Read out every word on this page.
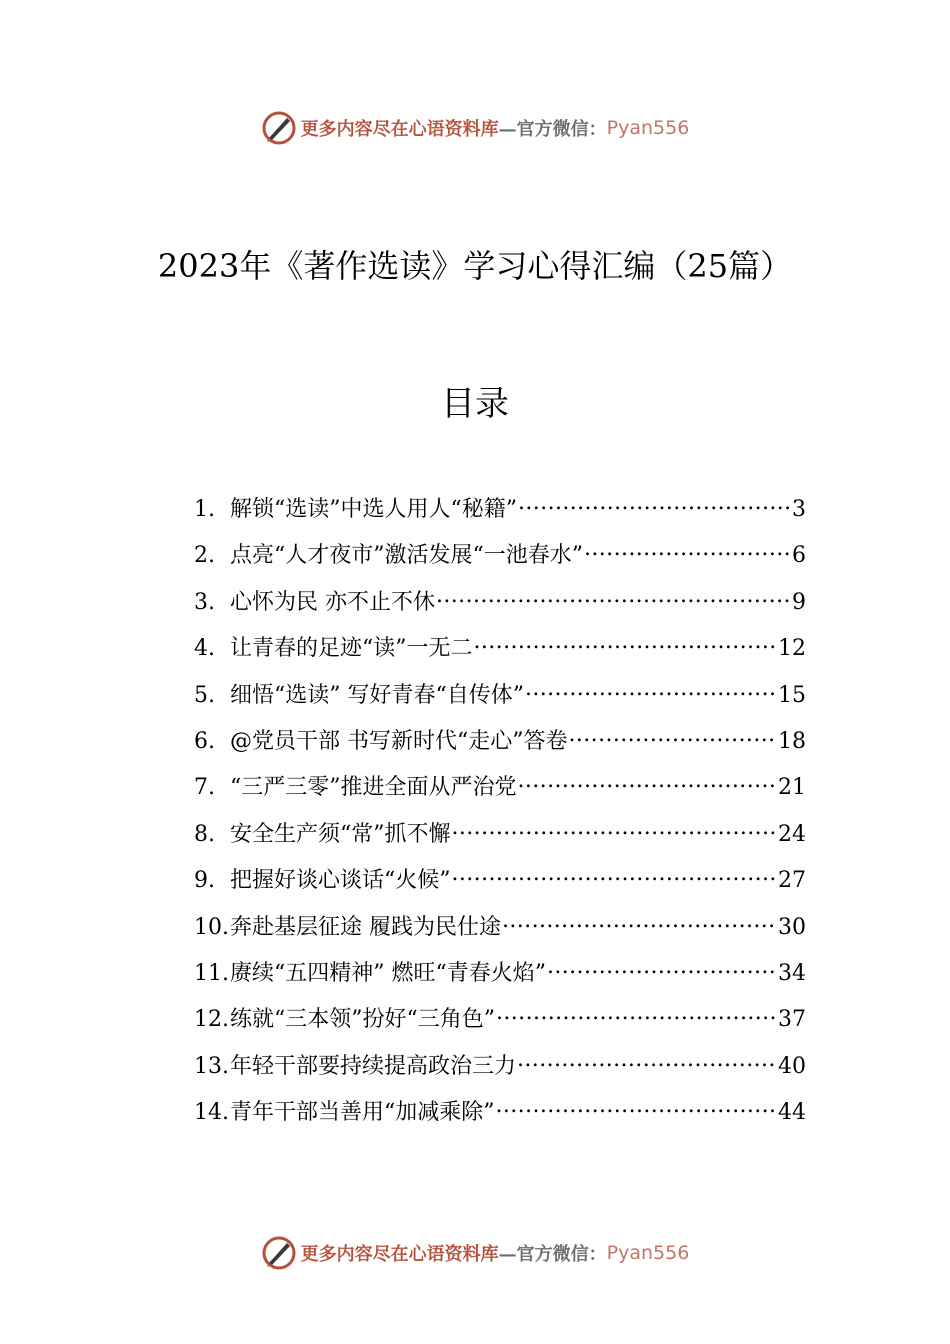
更多内容尽在心语资料库 —官方微信： Pyan556
2023年《著作选读》学习心得汇编（25篇）
目录
1. 解锁“选读”中选人用人“秘籍” .....	3
2. 点亮“人才夜市”激活发展“一池春水” .....	6
3. 心怀为民 亦不止不休 .....	9
4. 让青春的足迹“读”一无二 .....	12
5. 细悟“选读” 写好青春“自传体” .....	15
6. @党员干部 书写新时代“走心”答卷 .....	18
7. “三严三零”推进全面从严治党 .....	21
8. 安全生产须“常”抓不懈 .....	24
9. 把握好谈心谈话“火候” .....	27
10. 奔赴基层征途 履践为民仕途 .....	30
11. 赓续“五四精神” 燃旺“青春火焰” .....	34
12. 练就“三本领”扮好“三角色” .....	37
13. 年轻干部要持续提高政治三力 .....	40
14. 青年干部当善用“加减乘除” .....	44
更多内容尽在心语资料库 —官方微信： Pyan556
